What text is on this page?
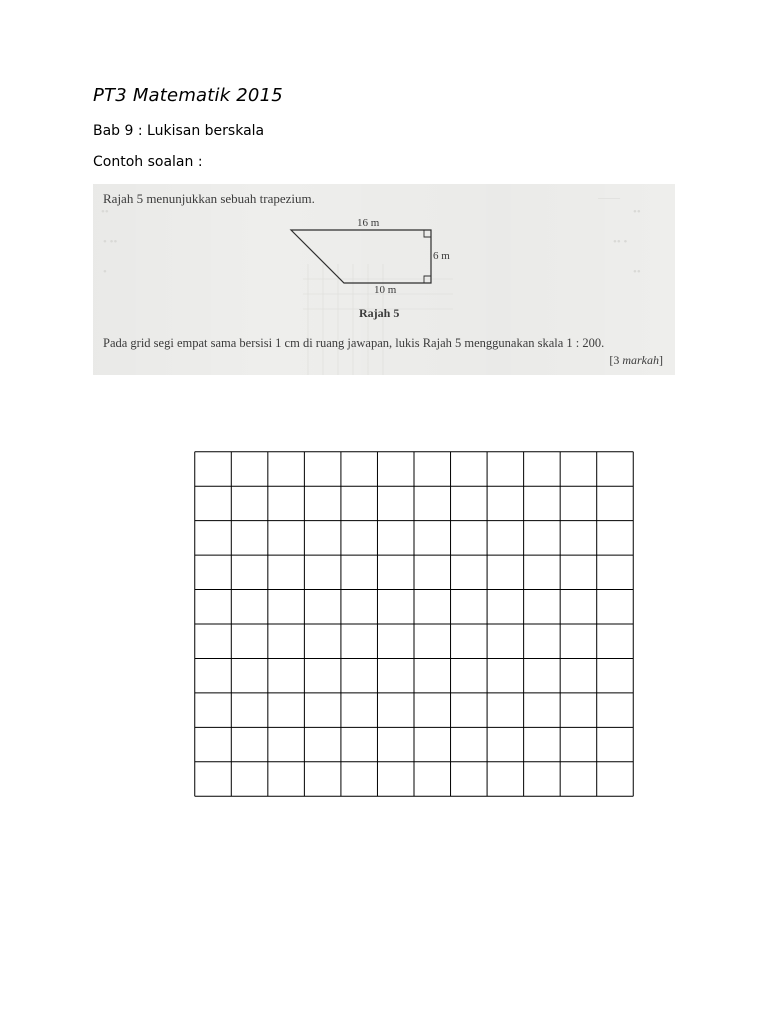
PT3 Matematik 2015
Bab 9 : Lukisan berskala
Contoh soalan :
——
••
• ••
•
••
•• •
••
Rajah 5 menunjukkan sebuah trapezium.
16 m
6 m
10 m
Rajah 5
Pada grid segi empat sama bersisi 1 cm di ruang jawapan, lukis Rajah 5 menggunakan skala 1 : 200.
[3 markah]
